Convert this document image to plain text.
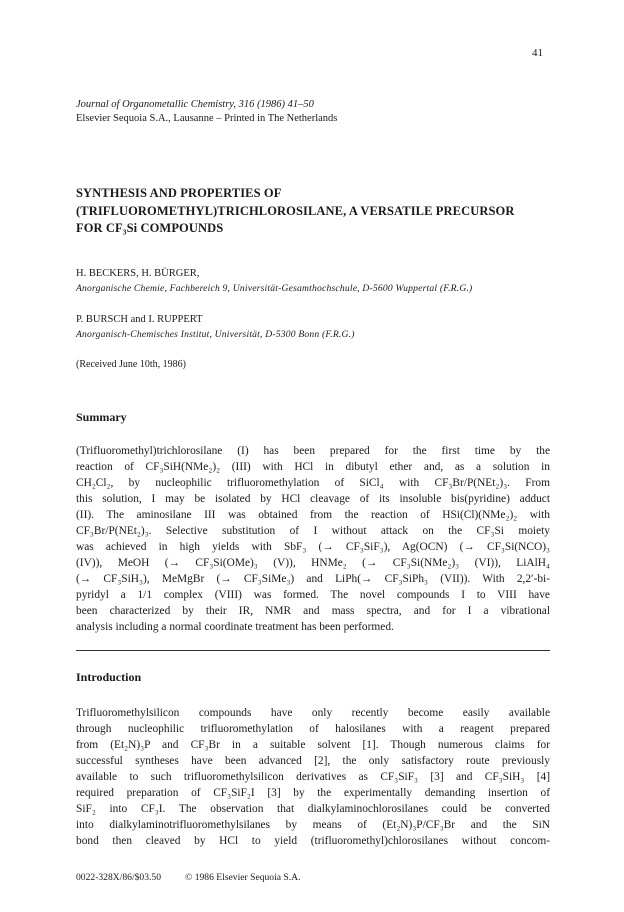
41
Journal of Organometallic Chemistry, 316 (1986) 41–50
Elsevier Sequoia S.A., Lausanne – Printed in The Netherlands
SYNTHESIS AND PROPERTIES OF
(TRIFLUOROMETHYL)TRICHLOROSILANE, A VERSATILE PRECURSOR
FOR CF₃Si COMPOUNDS
H. BECKERS, H. BÜRGER,
Anorganische Chemie, Fachbereich 9, Universität-Gesamthochschule, D-5600 Wuppertal (F.R.G.)
P. BURSCH and I. RUPPERT
Anorganisch-Chemisches Institut, Universität, D-5300 Bonn (F.R.G.)
(Received June 10th, 1986)
Summary
(Trifluoromethyl)trichlorosilane (I) has been prepared for the first time by the
reaction of CF₃SiH(NMe₂)₂ (III) with HCl in dibutyl ether and, as a solution in
CH₂Cl₂, by nucleophilic trifluoromethylation of SiCl₄ with CF₃Br/P(NEt₂)₃. From
this solution, I may be isolated by HCl cleavage of its insoluble bis(pyridine) adduct
(II). The aminosilane III was obtained from the reaction of HSi(Cl)(NMe₂)₂ with
CF₃Br/P(NEt₂)₃. Selective substitution of I without attack on the CF₃Si moiety
was achieved in high yields with SbF₃ (→ CF₃SiF₃), Ag(OCN) (→ CF₃Si(NCO)₃
(IV)), MeOH (→ CF₃Si(OMe)₃ (V)), HNMe₂ (→ CF₃Si(NMe₂)₃ (VI)), LiAlH₄
(→ CF₃SiH₃), MeMgBr (→ CF₃SiMe₃) and LiPh(→ CF₃SiPh₃ (VII)). With 2,2′-bi-
pyridyl a 1/1 complex (VIII) was formed. The novel compounds I to VIII have
been characterized by their IR, NMR and mass spectra, and for I a vibrational
analysis including a normal coordinate treatment has been performed.
Introduction
Trifluoromethylsilicon compounds have only recently become easily available
through nucleophilic trifluoromethylation of halosilanes with a reagent prepared
from (Et₂N)₃P and CF₃Br in a suitable solvent [1]. Though numerous claims for
successful syntheses have been advanced [2], the only satisfactory route previously
available to such trifluoromethylsilicon derivatives as CF₃SiF₃ [3] and CF₃SiH₃ [4]
required preparation of CF₃SiF₂I [3] by the experimentally demanding insertion of
SiF₂ into CF₃I. The observation that dialkylaminochlorosilanes could be converted
into dialkylaminotrifluoromethylsilanes by means of (Et₂N)₃P/CF₃Br and the SiN
bond then cleaved by HCl to yield (trifluoromethyl)chlorosilanes without concom-
0022-328X/86/$03.50	© 1986 Elsevier Sequoia S.A.
